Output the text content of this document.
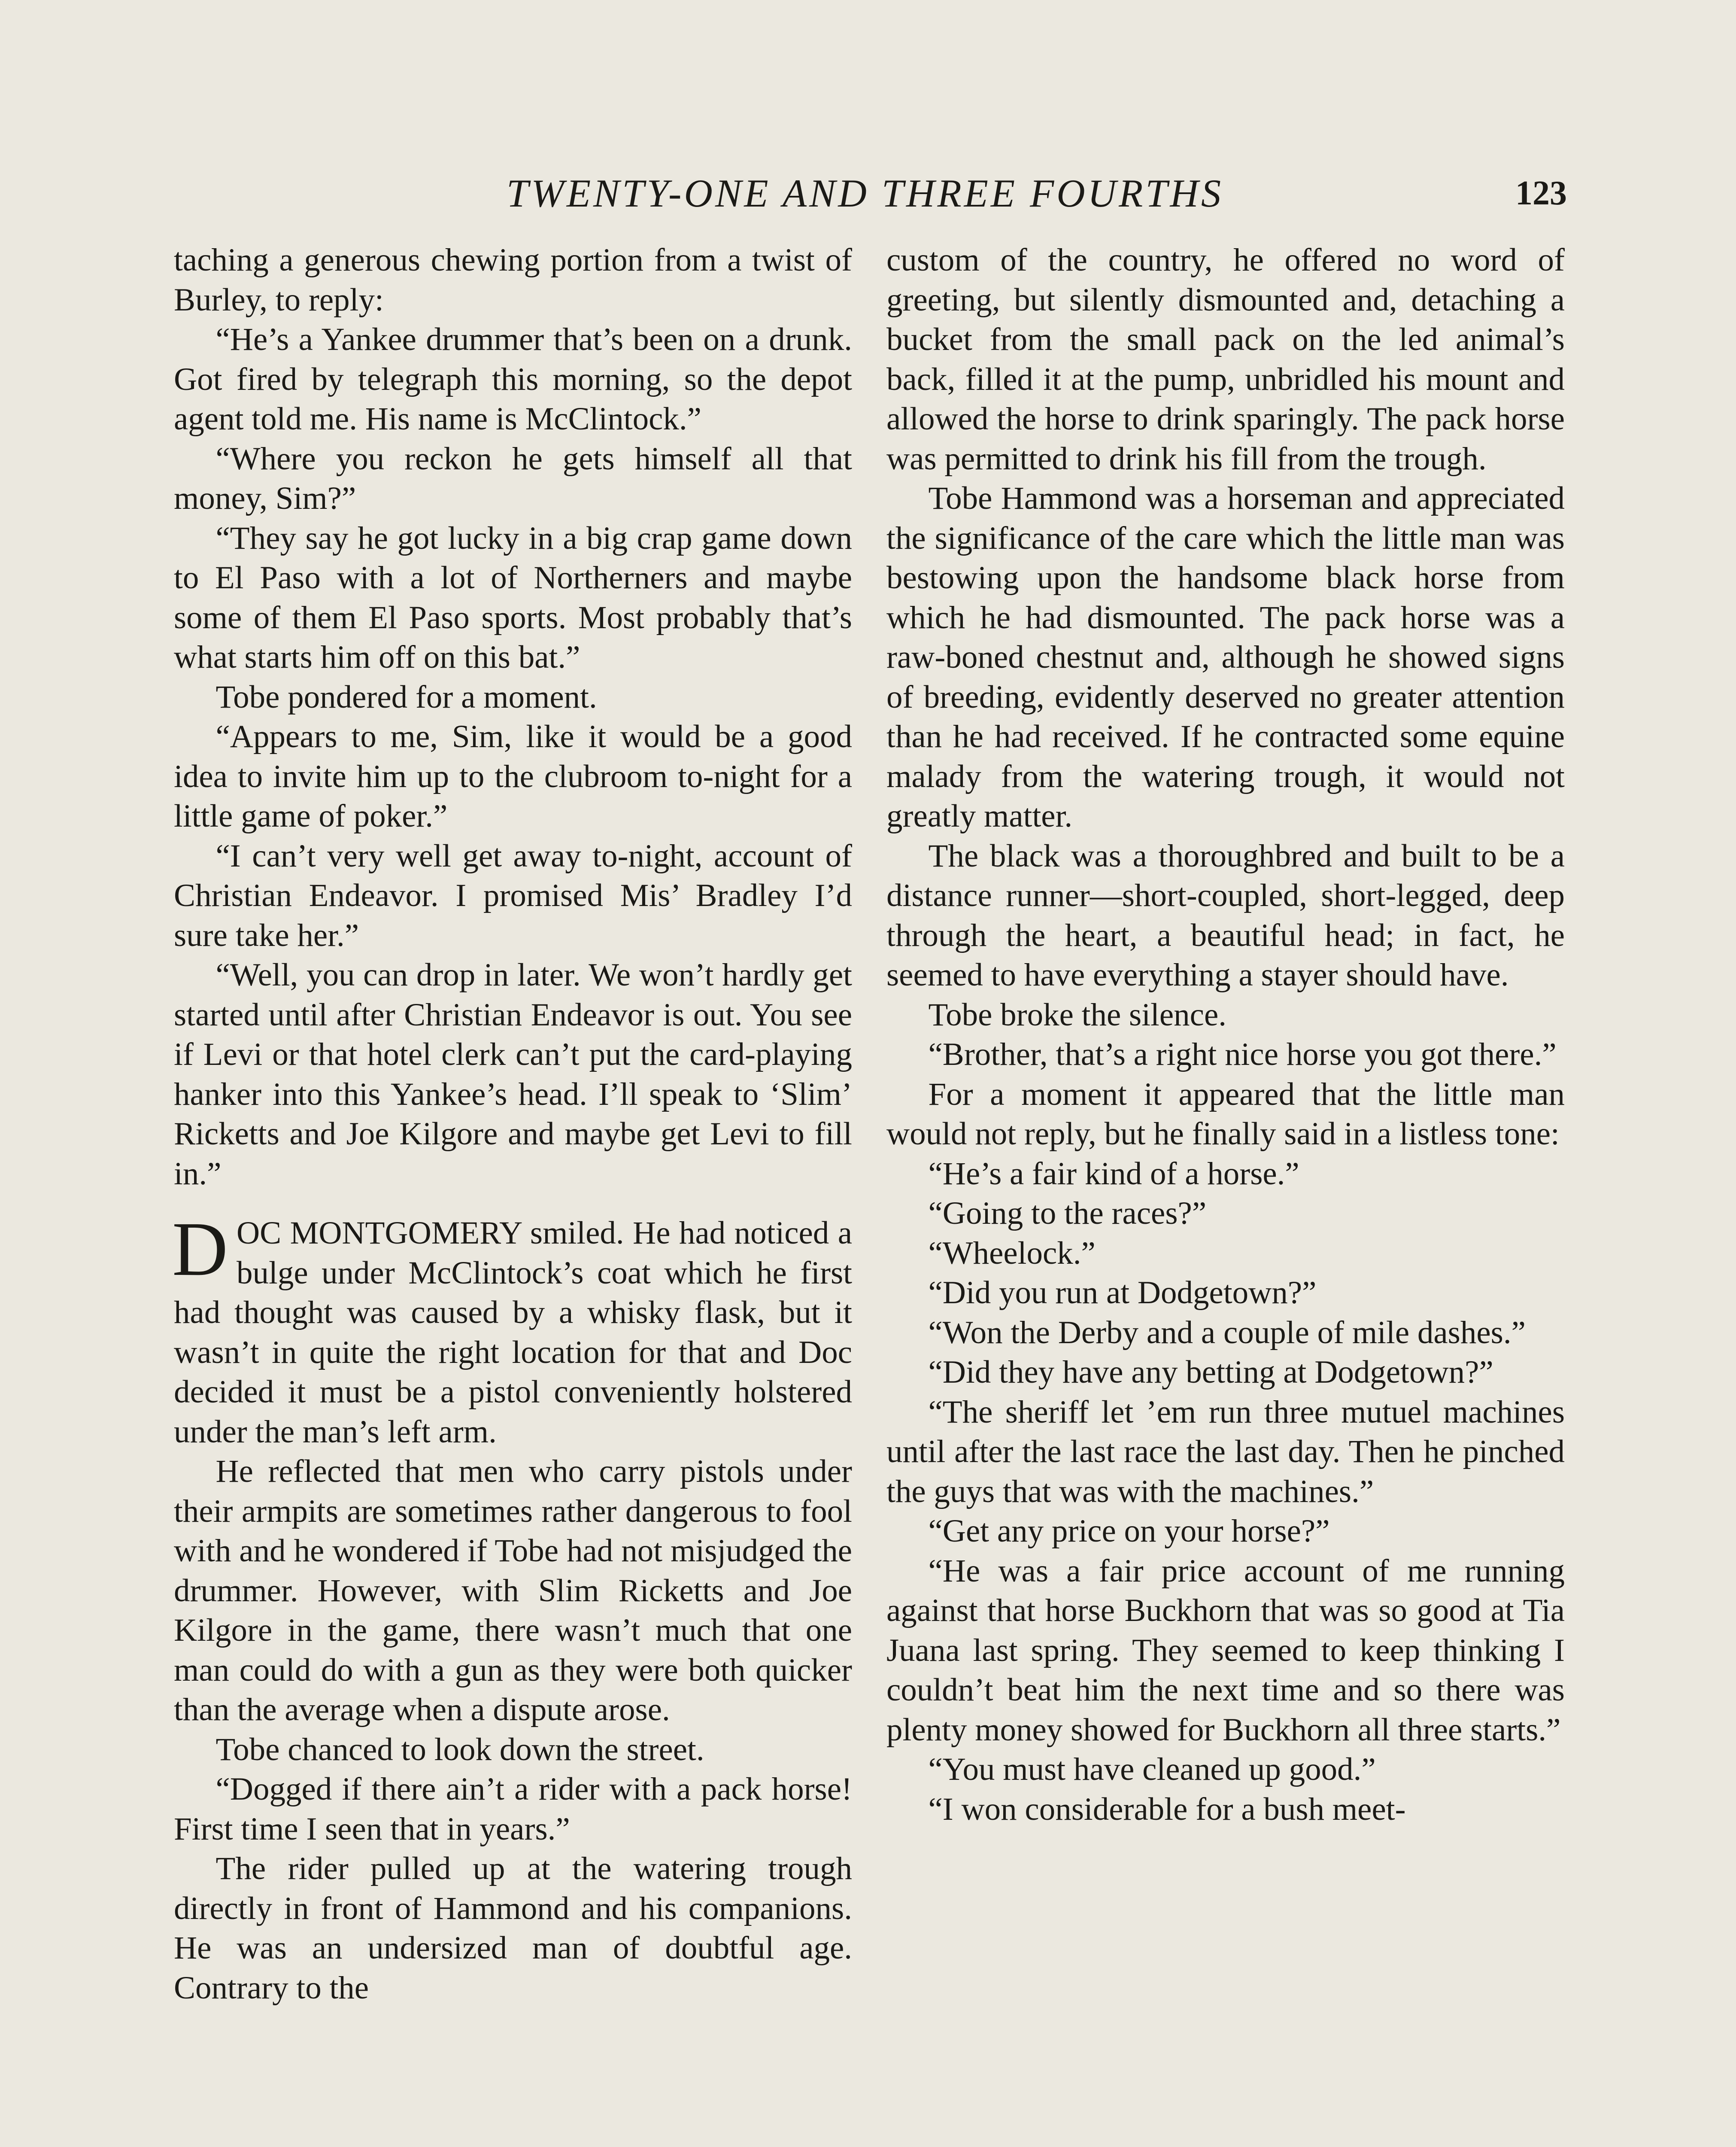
TWENTY-ONE AND THREE FOURTHS	123

taching a generous chewing portion from a twist of Burley, to reply:

“He’s a Yankee drummer that’s been on a drunk. Got fired by telegraph this morning, so the depot agent told me. His name is McClintock.”

“Where you reckon he gets himself all that money, Sim?”

“They say he got lucky in a big crap game down to El Paso with a lot of Northerners and maybe some of them El Paso sports. Most probably that’s what starts him off on this bat.”

Tobe pondered for a moment.

“Appears to me, Sim, like it would be a good idea to invite him up to the clubroom to-night for a little game of poker.”

“I can’t very well get away to-night, account of Christian Endeavor. I promised Mis’ Bradley I’d sure take her.”

“Well, you can drop in later. We won’t hardly get started until after Christian Endeavor is out. You see if Levi or that hotel clerk can’t put the card-playing hanker into this Yankee’s head. I’ll speak to ‘Slim’ Ricketts and Joe Kilgore and maybe get Levi to fill in.”

DOC MONTGOMERY smiled. He had noticed a bulge under McClintock’s coat which he first had thought was caused by a whisky flask, but it wasn’t in quite the right location for that and Doc decided it must be a pistol conveniently holstered under the man’s left arm.

He reflected that men who carry pistols under their armpits are sometimes rather dangerous to fool with and he wondered if Tobe had not misjudged the drummer. However, with Slim Ricketts and Joe Kilgore in the game, there wasn’t much that one man could do with a gun as they were both quicker than the average when a dispute arose.

Tobe chanced to look down the street.

“Dogged if there ain’t a rider with a pack horse! First time I seen that in years.”

The rider pulled up at the watering trough directly in front of Hammond and his companions. He was an undersized man of doubtful age. Contrary to the

custom of the country, he offered no word of greeting, but silently dismounted and, detaching a bucket from the small pack on the led animal’s back, filled it at the pump, unbridled his mount and allowed the horse to drink sparingly. The pack horse was permitted to drink his fill from the trough.

Tobe Hammond was a horseman and appreciated the significance of the care which the little man was bestowing upon the handsome black horse from which he had dismounted. The pack horse was a raw-boned chestnut and, although he showed signs of breeding, evidently deserved no greater attention than he had received. If he contracted some equine malady from the watering trough, it would not greatly matter.

The black was a thoroughbred and built to be a distance runner—short-coupled, short-legged, deep through the heart, a beautiful head; in fact, he seemed to have everything a stayer should have.

Tobe broke the silence.

“Brother, that’s a right nice horse you got there.”

For a moment it appeared that the little man would not reply, but he finally said in a listless tone:

“He’s a fair kind of a horse.”

“Going to the races?”

“Wheelock.”

“Did you run at Dodgetown?”

“Won the Derby and a couple of mile dashes.”

“Did they have any betting at Dodgetown?”

“The sheriff let ’em run three mutuel machines until after the last race the last day. Then he pinched the guys that was with the machines.”

“Get any price on your horse?”

“He was a fair price account of me running against that horse Buckhorn that was so good at Tia Juana last spring. They seemed to keep thinking I couldn’t beat him the next time and so there was plenty money showed for Buckhorn all three starts.”

“You must have cleaned up good.”

“I won considerable for a bush meet-
